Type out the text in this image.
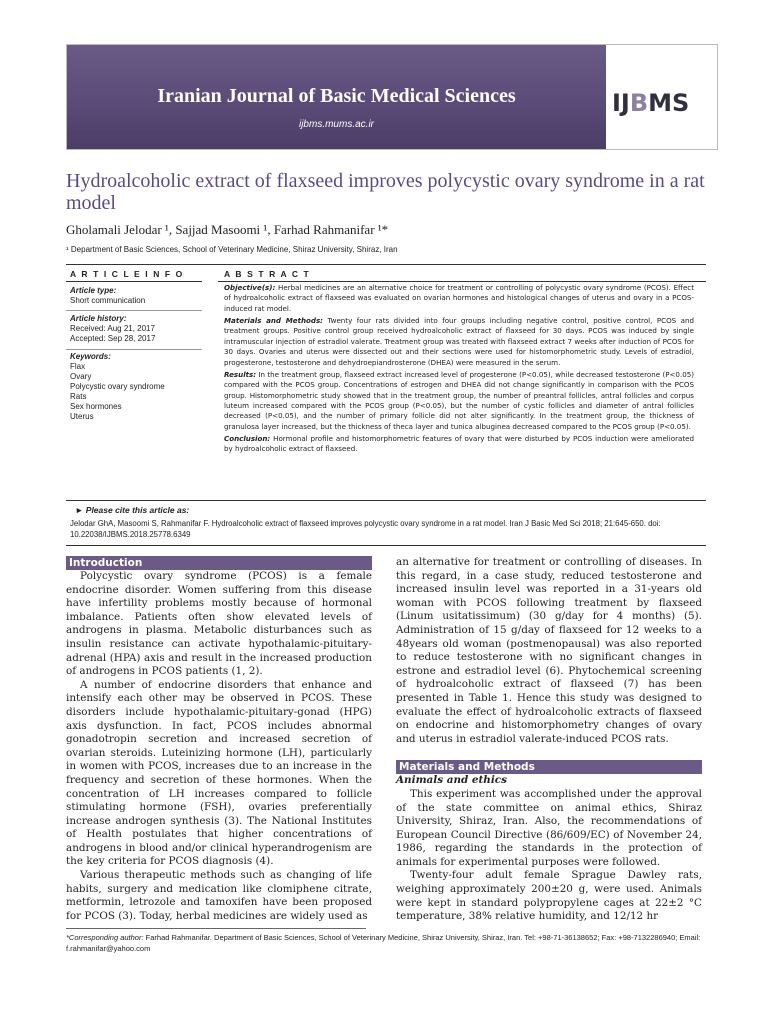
Iranian Journal of Basic Medical Sciences
ijbms.mums.ac.ir
IJBMS
Hydroalcoholic extract of flaxseed improves polycystic ovary syndrome in a rat model
Gholamali Jelodar ¹, Sajjad Masoomi ¹, Farhad Rahmanifar ¹*
¹ Department of Basic Sciences, School of Veterinary Medicine, Shiraz University, Shiraz, Iran
A R T I C L E I N F O	A B S T R A C T
Article type:
Short communication
Article history:
Received: Aug 21, 2017
Accepted: Sep 28, 2017
Keywords:
Flax
Ovary
Polycystic ovary syndrome
Rats
Sex hormones
Uterus

Objective(s): Herbal medicines are an alternative choice for treatment or controlling of polycystic ovary syndrome (PCOS). Effect of hydroalcoholic extract of flaxseed was evaluated on ovarian hormones and histological changes of uterus and ovary in a PCOS-induced rat model.

Materials and Methods: Twenty four rats divided into four groups including negative control, positive control, PCOS and treatment groups. Positive control group received hydroalcoholic extract of flaxseed for 30 days. PCOS was induced by single intramuscular injection of estradiol valerate. Treatment group was treated with flaxseed extract 7 weeks after induction of PCOS for 30 days. Ovaries and uterus were dissected out and their sections were used for histomorphometric study. Levels of estradiol, progesterone, testosterone and dehydroepiandrosterone (DHEA) were measured in the serum.

Results: In the treatment group, flaxseed extract increased level of progesterone (P<0.05), while decreased testosterone (P<0.05) compared with the PCOS group. Concentrations of estrogen and DHEA did not change significantly in comparison with the PCOS group. Histomorphometric study showed that in the treatment group, the number of preantral follicles, antral follicles and corpus luteum increased compared with the PCOS group (P<0.05), but the number of cystic follicles and diameter of antral follicles decreased (P<0.05), and the number of primary follicle did not alter significantly. In the treatment group, the thickness of granulosa layer increased, but the thickness of theca layer and tunica albuginea decreased compared to the PCOS group (P<0.05).

Conclusion: Hormonal profile and histomorphometric features of ovary that were disturbed by PCOS induction were ameliorated by hydroalcoholic extract of flaxseed.

► Please cite this article as:
Jelodar GhA, Masoomi S, Rahmanifar F. Hydroalcoholic extract of flaxseed improves polycystic ovary syndrome in a rat model. Iran J Basic Med Sci 2018; 21:645-650. doi: 10.22038/IJBMS.2018.25778.6349

Introduction

Polycystic ovary syndrome (PCOS) is a female endocrine disorder. Women suffering from this disease have infertility problems mostly because of hormonal imbalance. Patients often show elevated levels of androgens in plasma. Metabolic disturbances such as insulin resistance can activate hypothalamic-pituitary-adrenal (HPA) axis and result in the increased production of androgens in PCOS patients (1, 2).

A number of endocrine disorders that enhance and intensify each other may be observed in PCOS. These disorders include hypothalamic-pituitary-gonad (HPG) axis dysfunction. In fact, PCOS includes abnormal gonadotropin secretion and increased secretion of ovarian steroids. Luteinizing hormone (LH), particularly in women with PCOS, increases due to an increase in the frequency and secretion of these hormones. When the concentration of LH increases compared to follicle stimulating hormone (FSH), ovaries preferentially increase androgen synthesis (3). The National Institutes of Health postulates that higher concentrations of androgens in blood and/or clinical hyperandrogenism are the key criteria for PCOS diagnosis (4).

Various therapeutic methods such as changing of life habits, surgery and medication like clomiphene citrate, metformin, letrozole and tamoxifen have been proposed for PCOS (3). Today, herbal medicines are widely used as

an alternative for treatment or controlling of diseases. In this regard, in a case study, reduced testosterone and increased insulin level was reported in a 31-years old woman with PCOS following treatment by flaxseed (Linum usitatissimum) (30 g/day for 4 months) (5). Administration of 15 g/day of flaxseed for 12 weeks to a 48years old woman (postmenopausal) was also reported to reduce testosterone with no significant changes in estrone and estradiol level (6). Phytochemical screening of hydroalcoholic extract of flaxseed (7) has been presented in Table 1. Hence this study was designed to evaluate the effect of hydroalcoholic extracts of flaxseed on endocrine and histomorphometry changes of ovary and uterus in estradiol valerate-induced PCOS rats.

Materials and Methods

Animals and ethics

This experiment was accomplished under the approval of the state committee on animal ethics, Shiraz University, Shiraz, Iran. Also, the recommendations of European Council Directive (86/609/EC) of November 24, 1986, regarding the standards in the protection of animals for experimental purposes were followed.

Twenty-four adult female Sprague Dawley rats, weighing approximately 200±20 g, were used. Animals were kept in standard polypropylene cages at 22±2 °C temperature, 38% relative humidity, and 12/12 hr

*Corresponding author: Farhad Rahmanifar. Department of Basic Sciences, School of Veterinary Medicine, Shiraz University, Shiraz, Iran. Tel: +98-71-36138652; Fax: +98-7132286940; Email: f.rahmanifar@yahoo.com
